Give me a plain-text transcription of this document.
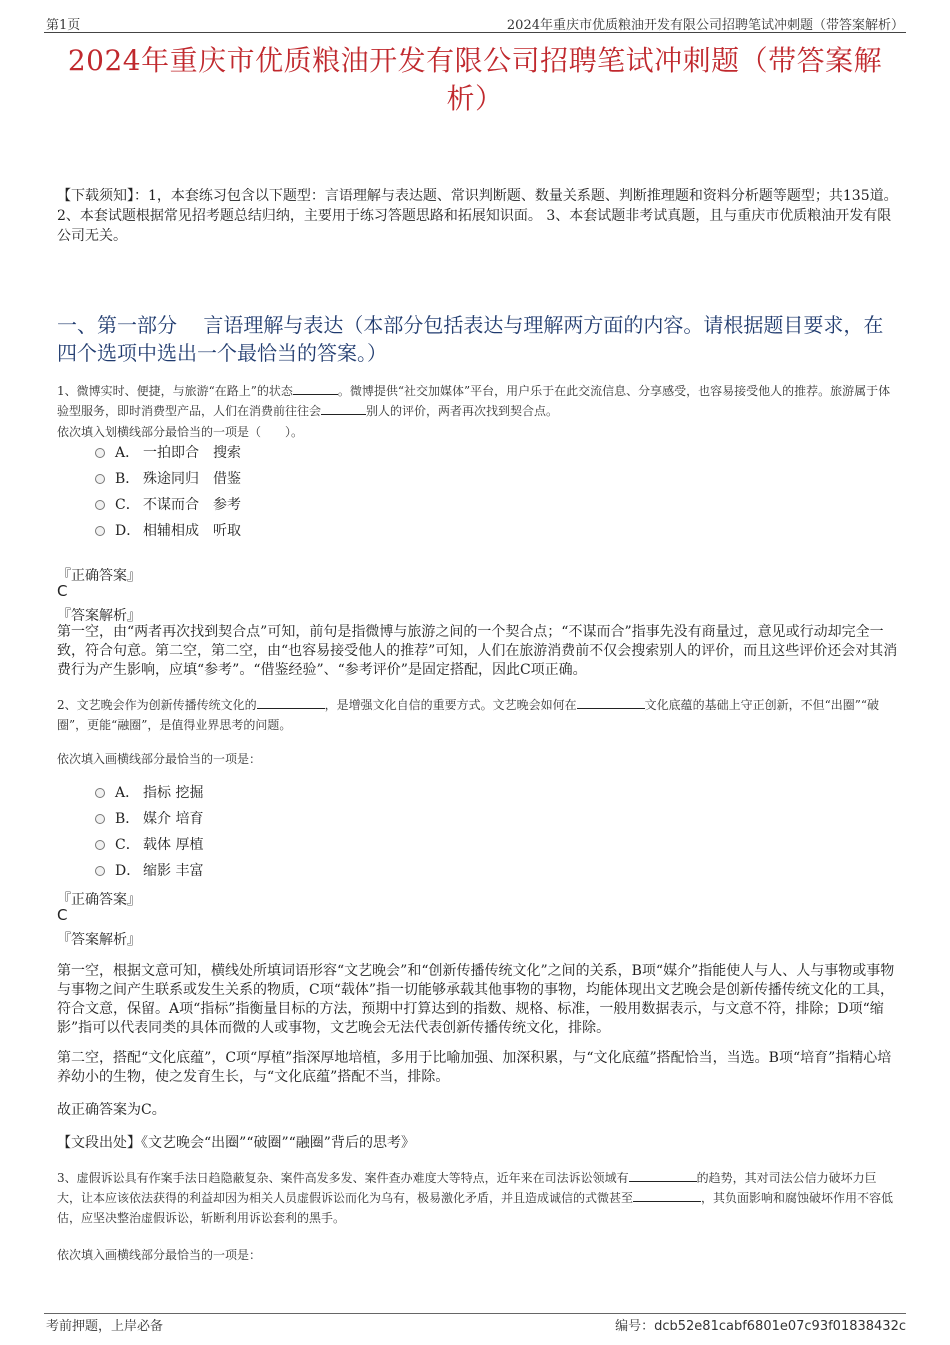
第1页	2024年重庆市优质粮油开发有限公司招聘笔试冲刺题（带答案解析）
2024年重庆市优质粮油开发有限公司招聘笔试冲刺题（带答案解析）
【下载须知】：1，本套练习包含以下题型：言语理解与表达题、常识判断题、数量关系题、判断推理题和资料分析题等题型；共135道。 2、本套试题根据常见招考题总结归纳，主要用于练习答题思路和拓展知识面。 3、本套试题非考试真题，且与重庆市优质粮油开发有限公司无关。
一、第一部分　 言语理解与表达（本部分包括表达与理解两方面的内容。请根据题目要求，在四个选项中选出一个最恰当的答案。）
1、微博实时、便捷，与旅游“在路上”的状态	。微博提供“社交加媒体”平台，用户乐于在此交流信息、分享感受，也容易接受他人的推荐。旅游属于体验型服务，即时消费型产品，人们在消费前往往会	别人的评价，两者再次找到契合点。
依次填入划横线部分最恰当的一项是（　　）。
A． 一拍即合　搜索
B． 殊途同归　借鉴
C． 不谋而合　参考
D． 相辅相成　听取
『正确答案』
C
『答案解析』
第一空，由“两者再次找到契合点”可知，前句是指微博与旅游之间的一个契合点；“不谋而合”指事先没有商量过，意见或行动却完全一致，符合句意。第二空，第二空，由“也容易接受他人的推荐”可知，人们在旅游消费前不仅会搜索别人的评价，而且这些评价还会对其消费行为产生影响，应填“参考”。“借鉴经验”、“参考评价”是固定搭配，因此C项正确。
2、文艺晚会作为创新传播传统文化的	，是增强文化自信的重要方式。文艺晚会如何在	文化底蕴的基础上守正创新，不但“出圈”“破圈”，更能“融圈”，是值得业界思考的问题。
依次填入画横线部分最恰当的一项是：
A． 指标 挖掘
B． 媒介 培育
C． 载体 厚植
D． 缩影 丰富
『正确答案』
C
『答案解析』
第一空，根据文意可知，横线处所填词语形容“文艺晚会”和“创新传播传统文化”之间的关系，B项“媒介”指能使人与人、人与事物或事物与事物之间产生联系或发生关系的物质，C项“载体”指一切能够承载其他事物的事物，均能体现出文艺晚会是创新传播传统文化的工具，符合文意，保留。A项“指标”指衡量目标的方法，预期中打算达到的指数、规格、标准，一般用数据表示，与文意不符，排除；D项“缩影”指可以代表同类的具体而微的人或事物，文艺晚会无法代表创新传播传统文化，排除。
第二空，搭配“文化底蕴”，C项“厚植”指深厚地培植，多用于比喻加强、加深积累，与“文化底蕴”搭配恰当，当选。B项“培育”指精心培养幼小的生物，使之发育生长，与“文化底蕴”搭配不当，排除。
故正确答案为C。
【文段出处】《文艺晚会“出圈”“破圈”“融圈”背后的思考》
3、虚假诉讼具有作案手法日趋隐蔽复杂、案件高发多发、案件查办难度大等特点，近年来在司法诉讼领域有	的趋势，其对司法公信力破坏力巨大，让本应该依法获得的利益却因为相关人员虚假诉讼而化为乌有，极易激化矛盾，并且造成诚信的式微甚至	，其负面影响和腐蚀破坏作用不容低估，应坚决整治虚假诉讼，斩断利用诉讼套利的黑手。
依次填入画横线部分最恰当的一项是：
考前押题，上岸必备	编号：dcb52e81cabf6801e07c93f01838432c
